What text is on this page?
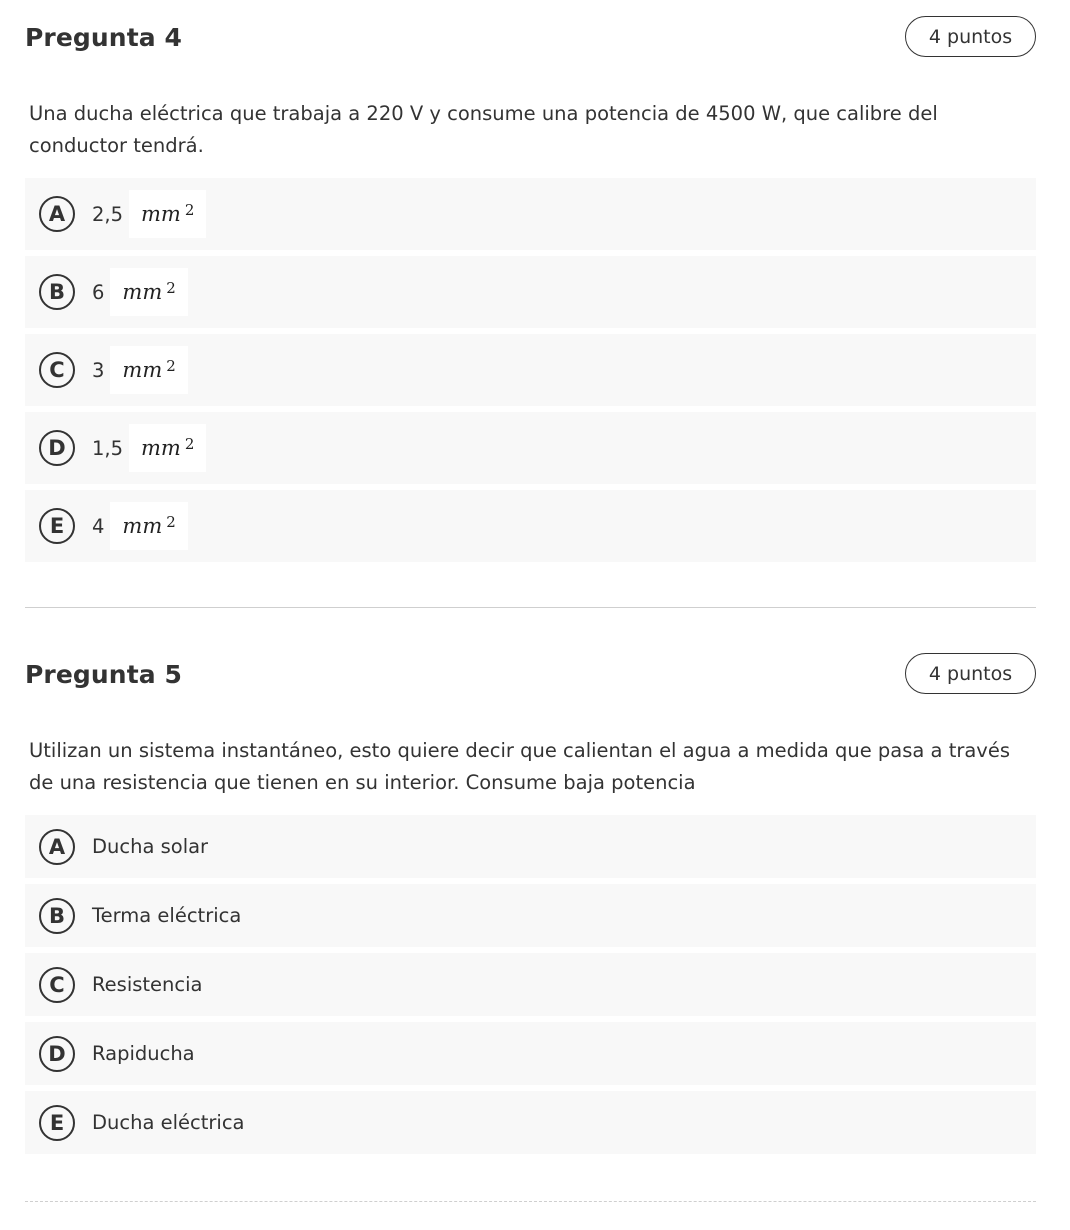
Pregunta 4	4 puntos

Una ducha eléctrica que trabaja a 220 V y consume una potencia de 4500 W, que calibre del conductor tendrá.

A	2,5 mm $^2$
B	6 mm $^2$
C	3 mm $^2$
D	1,5 mm $^2$
E	4 mm $^2$
Pregunta 5	4 puntos

Utilizan un sistema instantáneo, esto quiere decir que calientan el agua a medida que pasa a través de una resistencia que tienen en su interior. Consume baja potencia

A	Ducha solar
B	Terma eléctrica
C	Resistencia
D	Rapiducha
E	Ducha eléctrica
